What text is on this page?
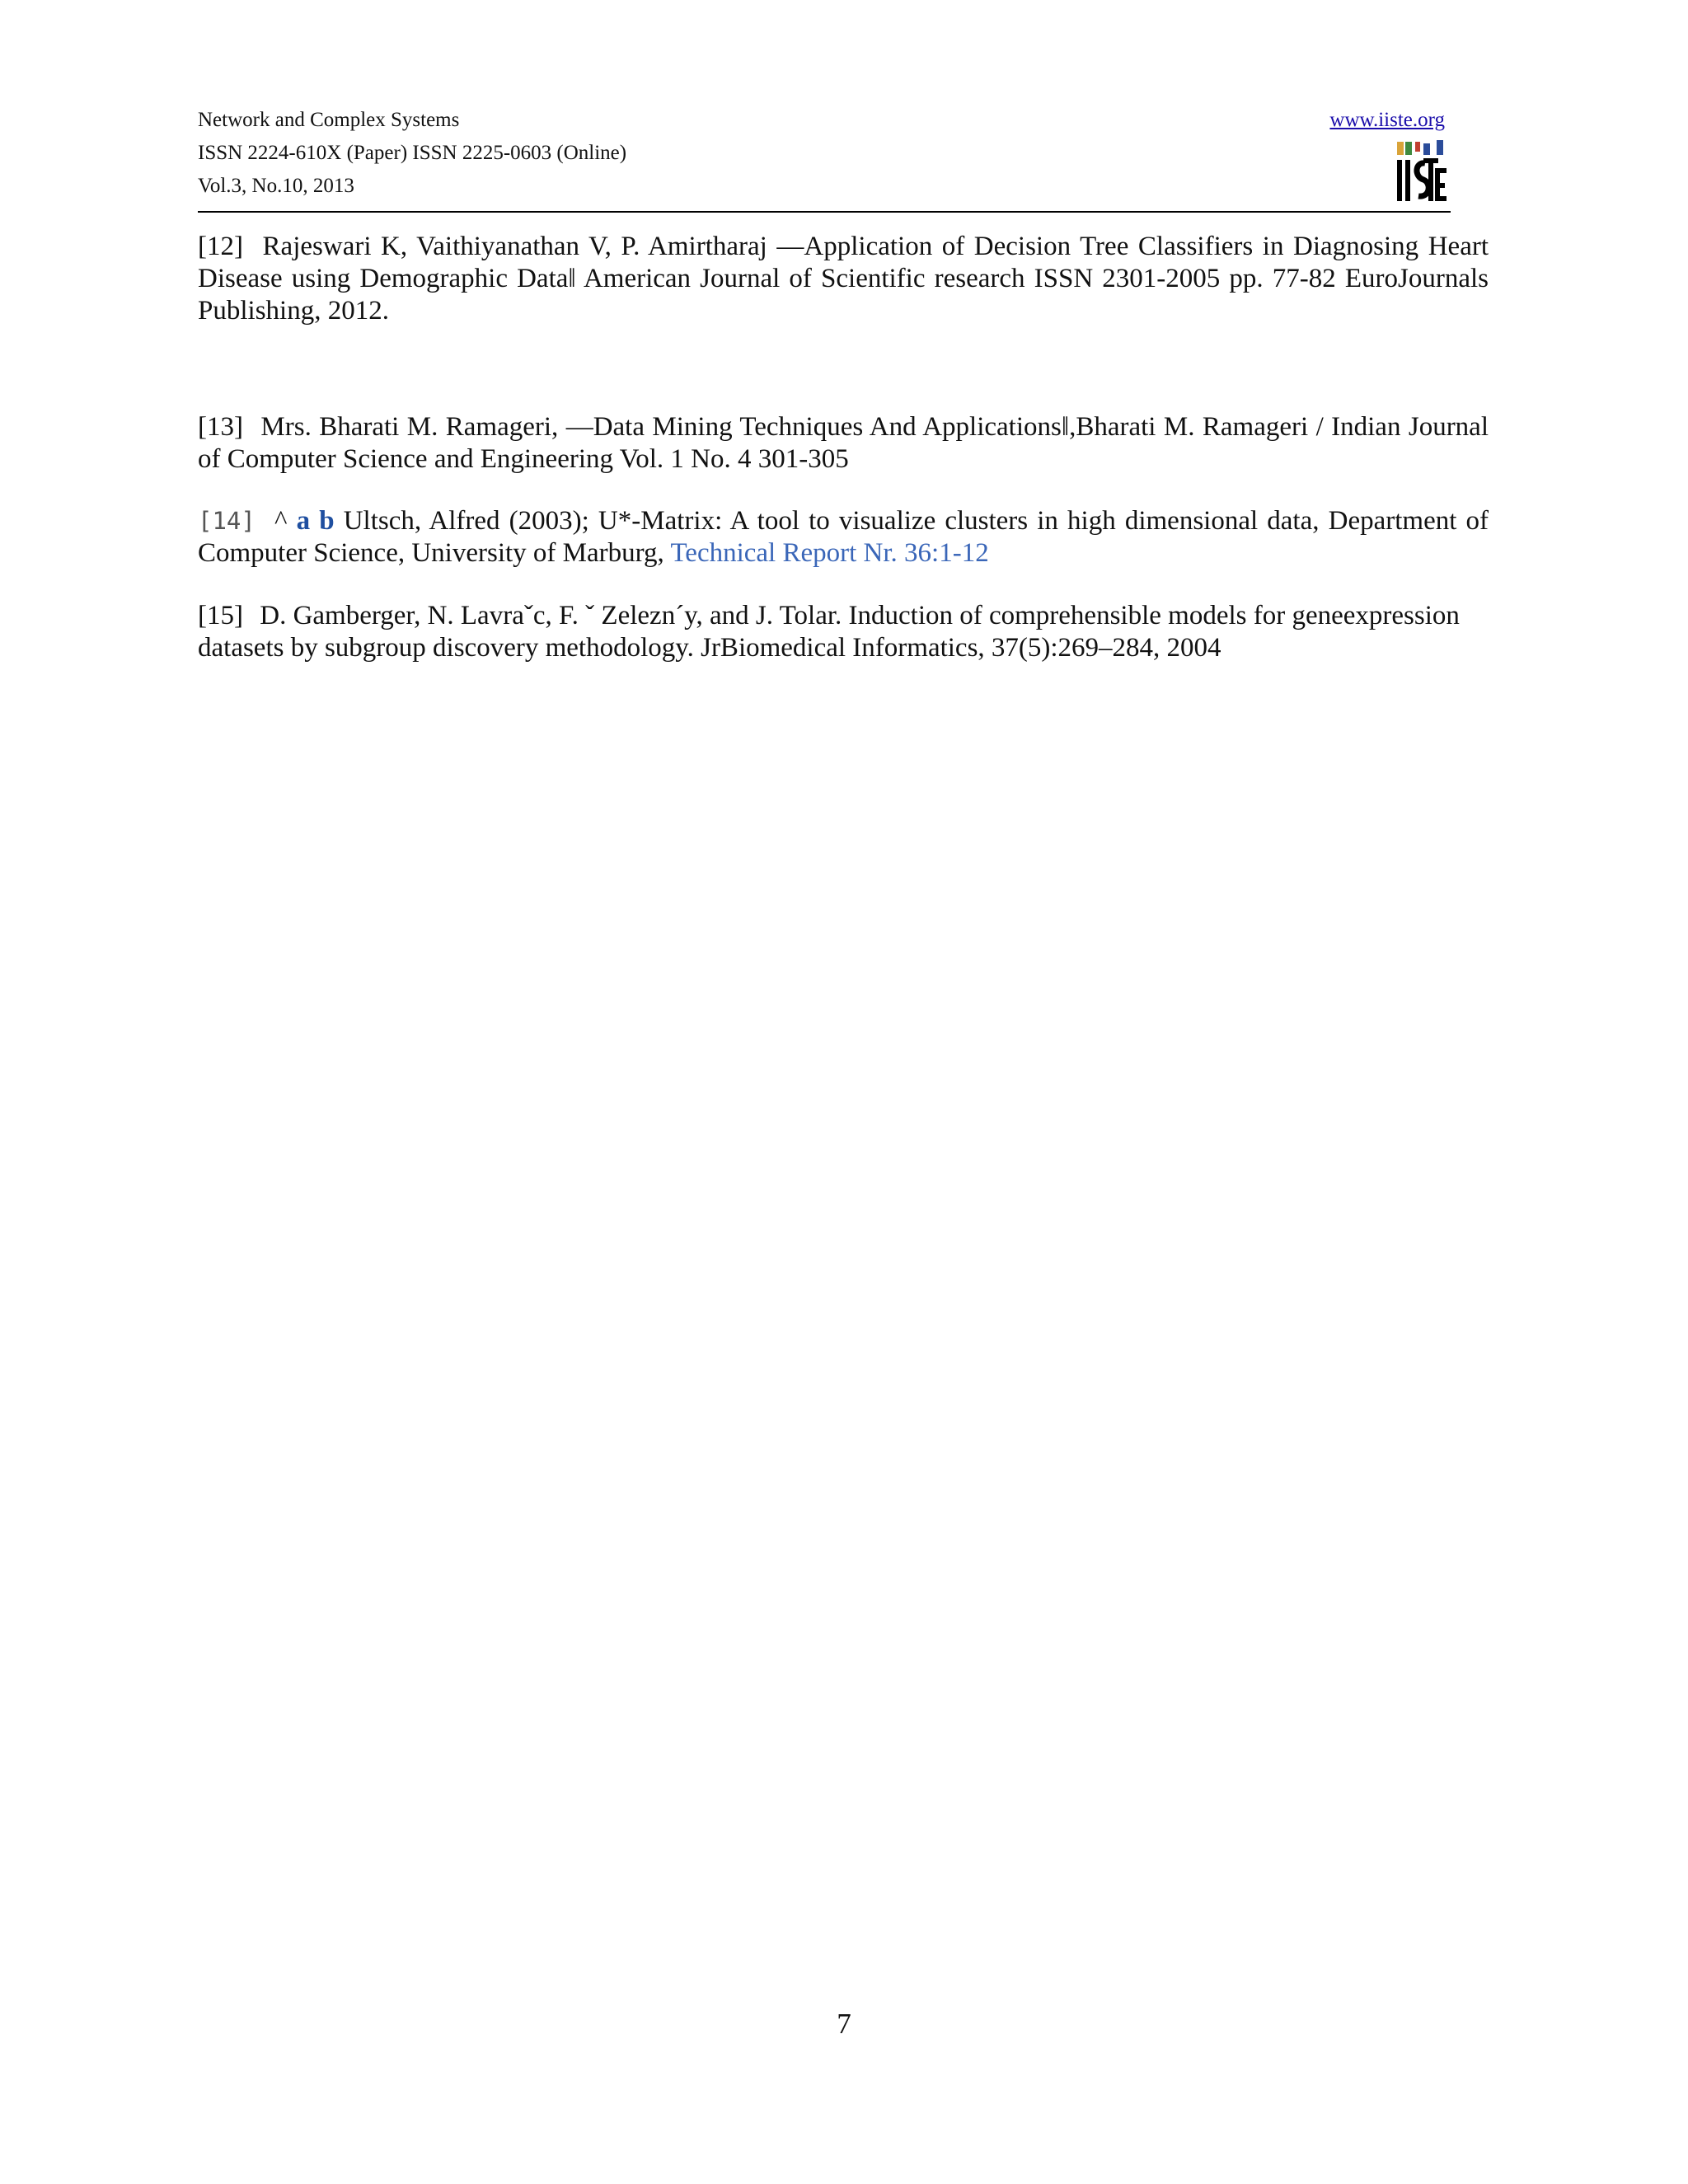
Network and Complex Systems
ISSN 2224-610X (Paper) ISSN 2225-0603 (Online)
Vol.3, No.10, 2013
www.iiste.org

[12] Rajeswari K, Vaithiyanathan V, P. Amirtharaj ―Application of Decision Tree Classifiers in Diagnosing Heart Disease using Demographic Data‖ American Journal of Scientific research ISSN 2301-2005 pp. 77-82 EuroJournals Publishing, 2012.

[13] Mrs. Bharati M. Ramageri, ―Data Mining Techniques And Applications‖,Bharati M. Ramageri / Indian Journal of Computer Science and Engineering Vol. 1 No. 4 301-305

[14] ^ a b Ultsch, Alfred (2003); U*-Matrix: A tool to visualize clusters in high dimensional data, Department of Computer Science, University of Marburg, Technical Report Nr. 36:1-12

[15] D. Gamberger, N. Lavraˇc, F. ˇ Zelezn´y, and J. Tolar. Induction of comprehensible models for geneexpression datasets by subgroup discovery methodology. JrBiomedical Informatics, 37(5):269–284, 2004

7
